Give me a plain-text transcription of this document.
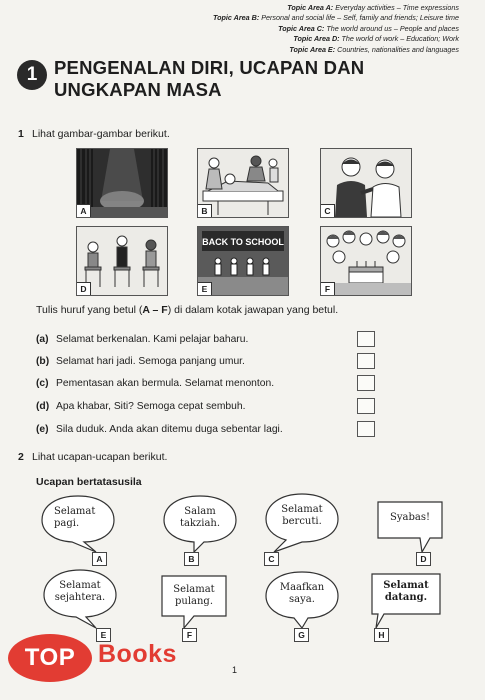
Topic Area A: Everyday activities – Time expressions
Topic Area B: Personal and social life – Self, family and friends; Leisure time
Topic Area C: The world around us – People and places
Topic Area D: The world of work – Education; Work
Topic Area E: Countries, nationalities and languages
1 PENGENALAN DIRI, UCAPAN DAN UNGKAPAN MASA
1 Lihat gambar-gambar berikut.
A	B	C
D
BACK TO SCHOOL
E	F
Tulis huruf yang betul (A – F) di dalam kotak jawapan yang betul.
(a) Selamat berkenalan. Kami pelajar baharu.
(b) Selamat hari jadi. Semoga panjang umur.
(c) Pementasan akan bermula. Selamat menonton.
(d) Apa khabar, Siti? Semoga cepat sembuh.
(e) Sila duduk. Anda akan ditemu duga sebentar lagi.
2 Lihat ucapan-ucapan berikut.
Ucapan bertatasusila
Selamat
pagi.
A
Salam
takziah.
B
Selamat
bercuti.
C
Syabas!
D
Selamat
sejahtera.
E
Selamat
pulang.
F
Maafkan
saya.
G
Selamat
datang.
H
1
TOP Books
